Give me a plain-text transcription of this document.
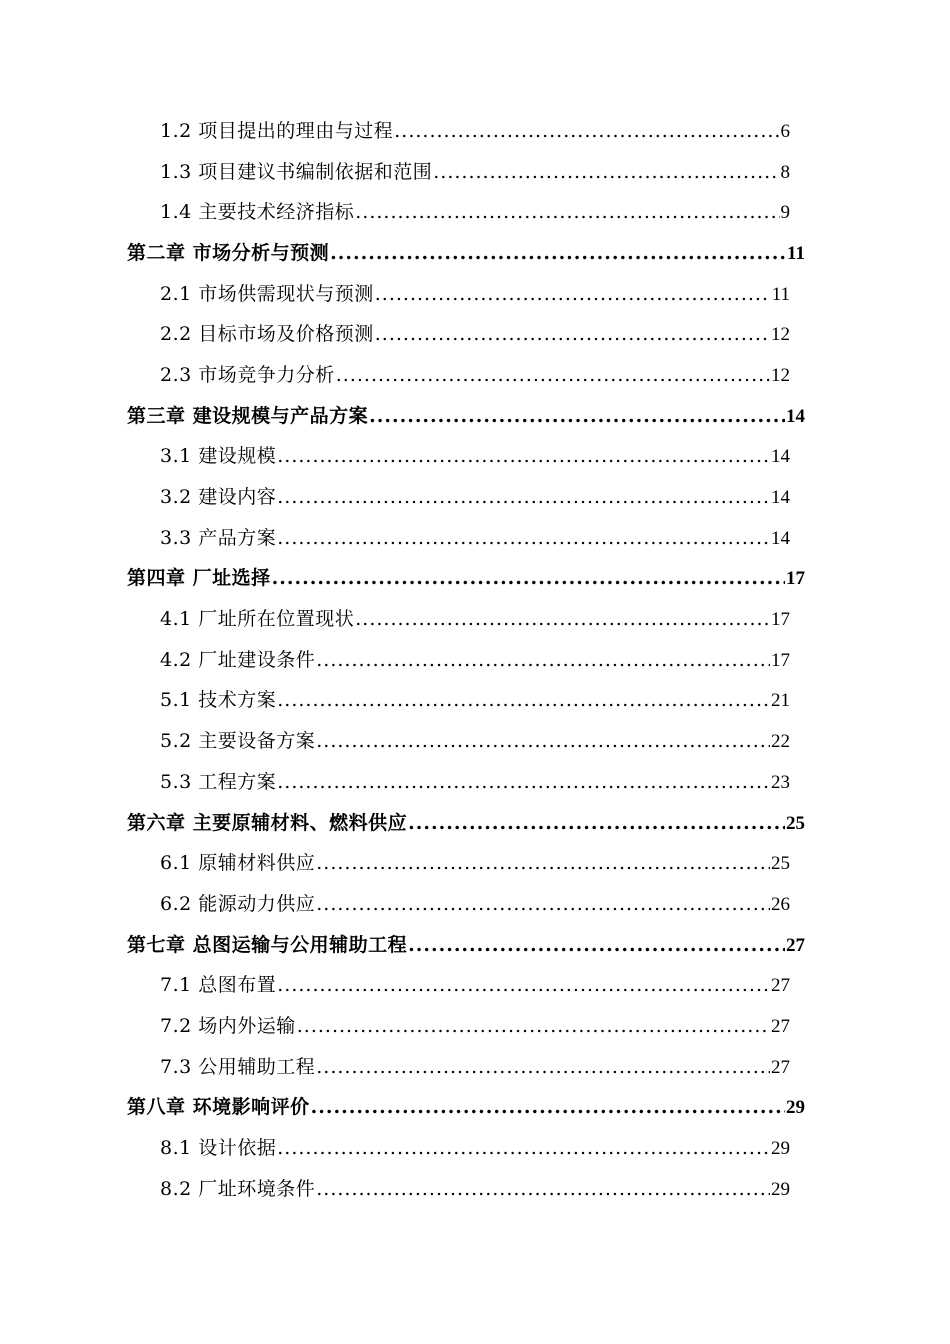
1.2 项目提出的理由与过程 .....	6
1.3 项目建议书编制依据和范围 .....	8
1.4 主要技术经济指标 .....	9
第二章 市场分析与预测 .....	11
2.1 市场供需现状与预测 .....	11
2.2 目标市场及价格预测 .....	12
2.3 市场竞争力分析 .....	12
第三章 建设规模与产品方案 .....	14
3.1 建设规模 .....	14
3.2 建设内容 .....	14
3.3 产品方案 .....	14
第四章 厂址选择 .....	17
4.1 厂址所在位置现状 .....	17
4.2 厂址建设条件 .....	17
5.1 技术方案 .....	21
5.2 主要设备方案 .....	22
5.3 工程方案 .....	23
第六章 主要原辅材料、燃料供应 .....	25
6.1 原辅材料供应 .....	25
6.2 能源动力供应 .....	26
第七章 总图运输与公用辅助工程 .....	27
7.1 总图布置 .....	27
7.2 场内外运输 .....	27
7.3 公用辅助工程 .....	27
第八章 环境影响评价 .....	29
8.1 设计依据 .....	29
8.2 厂址环境条件 .....	29
